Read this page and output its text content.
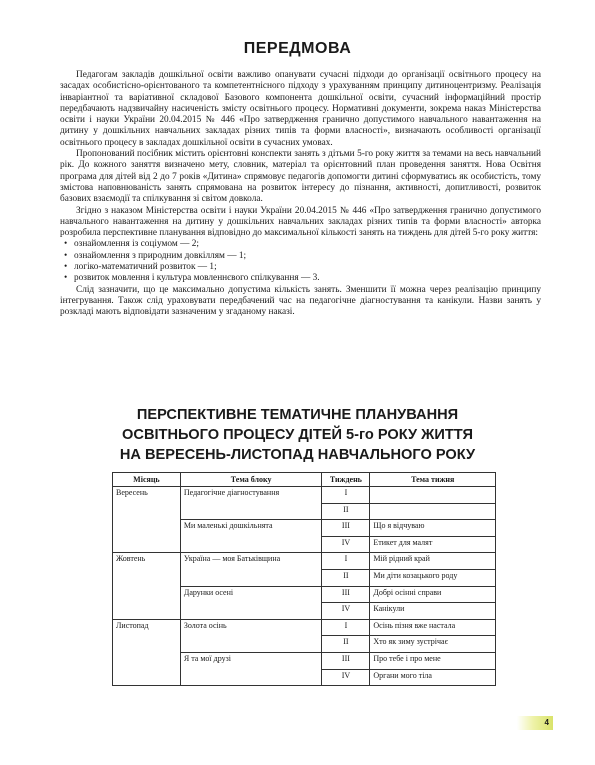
ПЕРЕДМОВА

Педагогам закладів дошкільної освіти важливо опанувати сучасні підходи до організації освітнього процесу на засадах особистісно-орієнтованого та компетентнісного підходу з урахуванням принципу дитиноцентризму. Реалізація інваріантної та варіативної складової Базового компонента дошкільної освіти, сучасний інформаційний простір передбачають надзвичайну насиченість змісту освітнього процесу. Нормативні документи, зокрема наказ Міністерства освіти і науки України 20.04.2015 № 446 «Про затвердження гранично допустимого навчального навантаження на дитину у дошкільних навчальних закладах різних типів та форми власності», визначають особливості організації освітнього процесу в закладах дошкільної освіти в сучасних умовах.

Пропонований посібник містить орієнтовні конспекти занять з дітьми 5-го року життя за темами на весь навчальний рік. До кожного заняття визначено мету, словник, матеріал та орієнтовний план проведення заняття. Нова Освітня програма для дітей від 2 до 7 років «Дитина» спрямовує педагогів допомогти дитині сформуватись як особистість, тому змістова наповнюваність занять спрямована на розвиток інтересу до пізнання, активності, допитливості, розвиток базових взаємодії та спілкування зі світом довкола.

Згідно з наказом Міністерства освіти і науки України 20.04.2015 № 446 «Про затвердження гранично допустимого навчального навантаження на дитину у дошкільних навчальних закладах різних типів та форми власності» авторка розробила перспективне планування відповідно до максимальної кількості занять на тиждень для дітей 5-го року життя:

• ознайомлення із соціумом — 2;
• ознайомлення з природним довкіллям — 1;
• логіко-математичний розвиток — 1;
• розвиток мовлення і культура мовленнєвого спілкування — 3.

Слід зазначити, що це максимально допустима кількість занять. Зменшити її можна через реалізацію принципу інтегрування. Також слід ураховувати передбачений час на педагогічне діагностування та канікули. Назви занять у розкладі мають відповідати зазначеним у згаданому наказі.

ПЕРСПЕКТИВНЕ ТЕМАТИЧНЕ ПЛАНУВАННЯ
ОСВІТНЬОГО ПРОЦЕСУ ДІТЕЙ 5-го РОКУ ЖИТТЯ
НА ВЕРЕСЕНЬ-ЛИСТОПАД НАВЧАЛЬНОГО РОКУ
Місяць	Тема блоку	Тиждень	Тема тижня
Вересень	Педагогічне діагностування	I	
		II	
	Ми маленькі дошкільнята	III	Що я відчуваю
		IV	Етикет для малят
Жовтень	Україна — моя Батьківщина	I	Мій рідний край
		II	Ми діти козацького роду
	Дарунки осені	III	Добрі осінні справи
		IV	Канікули
Листопад	Золота осінь	I	Осінь пізня вже настала
		II	Хто як зиму зустрічає
	Я та мої друзі	III	Про тебе і про мене
		IV	Органи мого тіла
4
